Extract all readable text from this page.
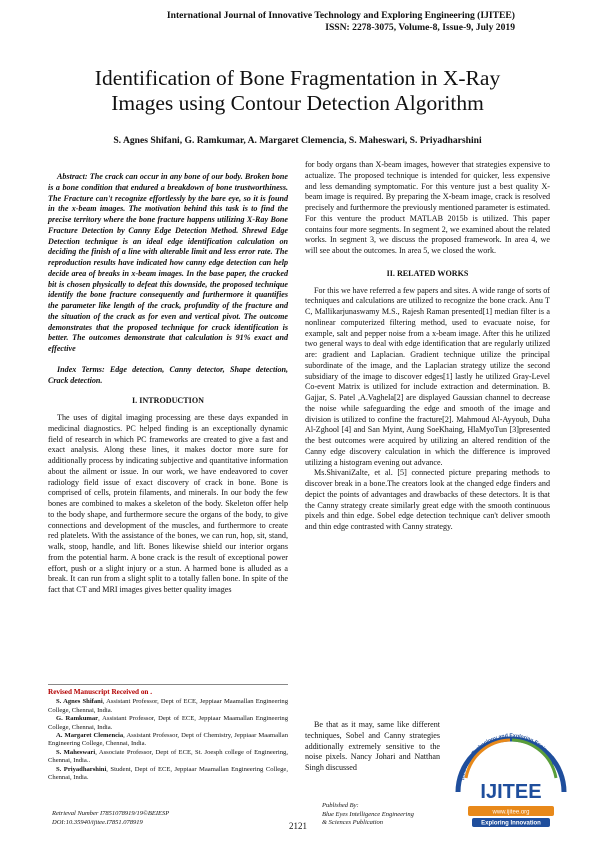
International Journal of Innovative Technology and Exploring Engineering (IJITEE)
ISSN: 2278-3075, Volume-8, Issue-9, July 2019
Identification of Bone Fragmentation in X-Ray
Images using Contour Detection Algorithm
S. Agnes Shifani, G. Ramkumar, A. Margaret Clemencia, S. Maheswari, S. Priyadharshini

Abstract: The crack can occur in any bone of our body. Broken bone is a bone condition that endured a breakdown of bone trustworthiness. The Fracture can't recognize effortlessly by the bare eye, so it is found in the x-beam images. The motivation behind this task is to find the precise territory where the bone fracture happens utilizing X-Ray Bone Fracture Detection by Canny Edge Detection Method. Shrewd Edge Detection technique is an ideal edge identification calculation on deciding the finish of a line with alterable limit and less error rate. The reproduction results have indicated how canny edge detection can help decide area of breaks in x-beam images. In the base paper, the cracked bit is chosen physically to defeat this downside, the proposed technique identify the bone fracture consequently and furthermore it quantifies the parameter like length of the crack, profundity of the fracture and the situation of the crack as for even and vertical pivot. The outcome demonstrates that the proposed technique for crack identification is better. The outcomes demonstrate that calculation is 91% exact and effective

Index Terms: Edge detection, Canny detector, Shape detection, Crack detection.

I. INTRODUCTION

The uses of digital imaging processing are these days expanded in medicinal diagnostics. PC helped finding is an exceptionally dynamic field of research in which PC frameworks are created to give a fast and exact analysis. Along these lines, it makes doctor more sure for additionally process by indicating subjective and quantitative information about the ailment or issue. In our work, we have endeavored to cover radiology field issue of exact discovery of crack in bone. Bone is comprised of cells, protein filaments, and minerals. In our body the few bones are combined to makes a skeleton of the body. Skeleton offer help to the body shape, and furthermore secure the organs of the body, to give connections and development of the muscles, and furthermore to create red platelets. With the assistance of the bones, we can run, hop, sit, stand, walk, stoop, handle, and lift. Bones likewise shield our interior organs from the potential harm. A bone crack is the result of exceptional power effort, push or a slight injury or a stun. A harmed bone is alluded as a break. It can run from a slight split to a totally fallen bone. In spite of the fact that CT and MRI images gives better quality images

for body organs than X-beam images, however that strategies expensive to actualize. The proposed technique is intended for quicker, less expensive and less demanding symptomatic. For this venture just a best quality X-beam image is required. By preparing the X-beam image, crack is resolved precisely and furthermore the previously mentioned parameter is estimated. For this venture the product MATLAB 2015b is utilized. This paper contains four more segments. In segment 2, we examined about the related works. In segment 3, we discuss the proposed framework. In area 4, we will see about the outcomes. In area 5, we closed the work.

II. RELATED WORKS

For this we have referred a few papers and sites. A wide range of sorts of techniques and calculations are utilized to recognize the bone crack. Anu T C, Mallikarjunaswamy M.S., Rajesh Raman presented[1] median filter is a nonlinear computerized filtering method, used to evacuate noise, for example, salt and pepper noise from a x-beam image. After this he utilized two general ways to deal with edge identification that are regularly utilized are: gradient and Laplacian. Gradient technique utilize the principal subordinate of the image, and the Laplacian strategy utilize the second subsidiary of the image to discover edges[1] lastly he utilized Gray-Level Co-event Matrix is utilized for include extraction and determination. B. Gajjar, S. Patel ,A.Vaghela[2] are displayed Gaussian channel to decrease the noise while safeguarding the edge and smooth of the image and division is utilized to confine the fracture[2]. Mahmoud Al-Ayyoub, Duha Al-Zghool [4] and San Myint, Aung SoeKhaing, HlaMyoTun [3]presented the best outcomes were acquired by utilizing an altered rendition of the Canny edge discovery calculation in which the difference is improved utilizing a histogram evening out advance.

Ms.ShivaniZalte, et al. [5] connected picture preparing methods to discover break in a bone.The creators look at the changed edge finders and depict the points of advantages and drawbacks of these detectors. It is that the Canny strategy create similarly great edge with the smooth continuous pixels and thin edge. Sobel edge detection technique can't deliver smooth and thin edge contrasted with Canny strategy.

Revised Manuscript Received on .

S. Agnes Shifani, Assistant Professor, Dept of ECE, Jeppiaar Maamallan Engineering College, Chennai, India.

G. Ramkumar, Assistant Professor, Dept of ECE, Jeppiaar Maamallan Engineering College, Chennai, India.

A. Margaret Clemencia, Assistant Professor, Dept of Chemistry, Jeppiaar Maamallan Engineering College, Chennai, India.

S. Maheswari, Associate Professor, Dept of ECE, St. Joesph college of Engineering, Chennai, India..

S. Priyadharshini, Student, Dept of ECE, Jeppiaar Maamallan Engineering College, Chennai, India.

Be that as it may, same like different techniques, Sobel and Canny strategies additionally extremely sensitive to the noise pixels. Nancy Johari and Natthan Singh discussed

Innovative Technology and Exploring Engineering
IJITEE
www.ijitee.org
Exploring Innovation
Retrieval Number I7851078919/19©BEIESP
DOI:10.35940/ijitee.I7851.078919	2121
Published By:
Blue Eyes Intelligence Engineering
& Sciences Publication
